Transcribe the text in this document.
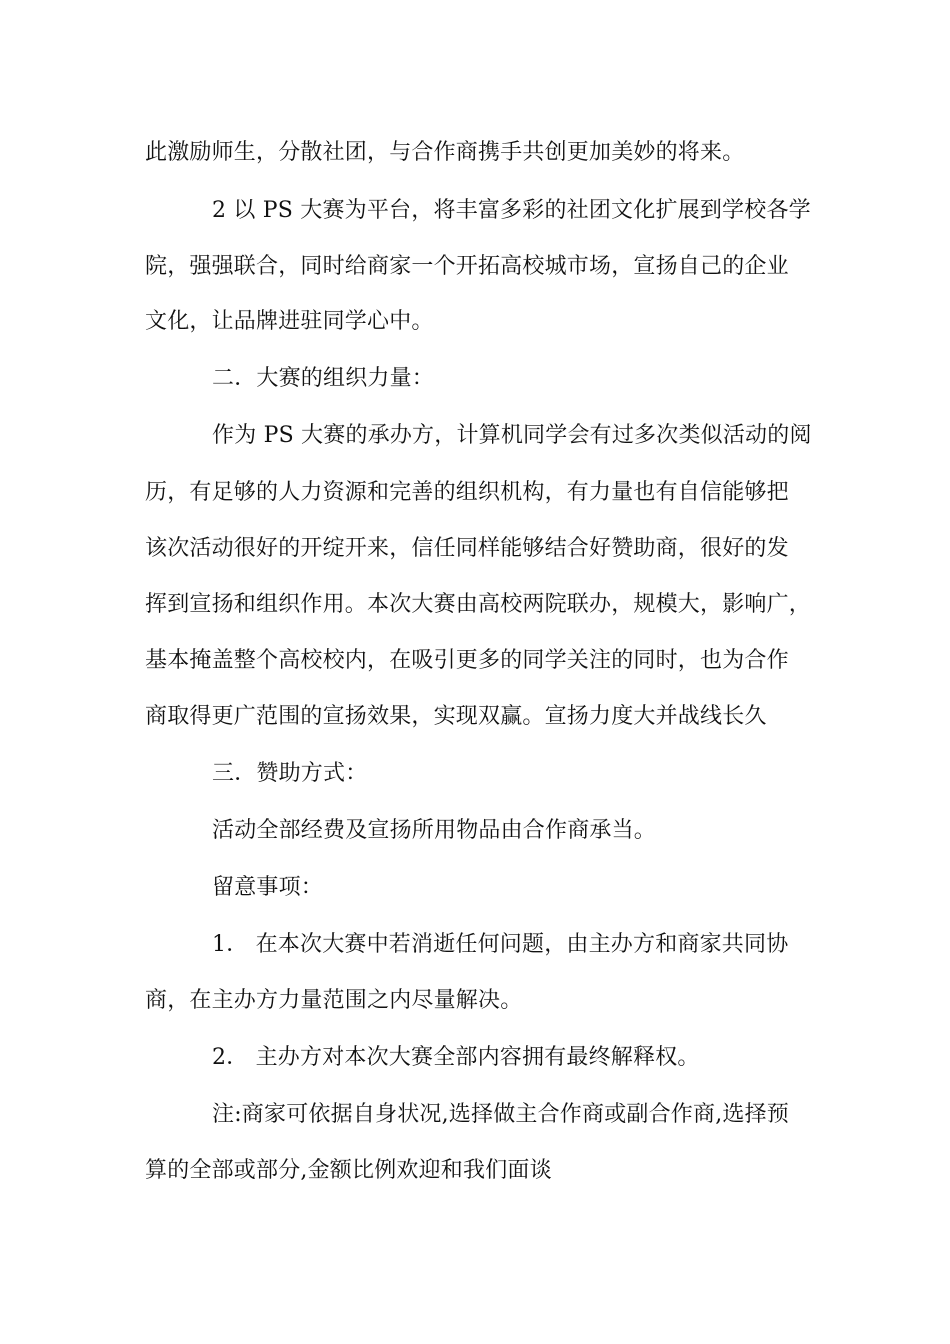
此激励师生，分散社团，与合作商携手共创更加美妙的将来。
2 以 PS 大赛为平台，将丰富多彩的社团文化扩展到学校各学
院，强强联合，同时给商家一个开拓高校城市场，宣扬自己的企业
文化，让品牌进驻同学心中。
二．大赛的组织力量：
作为 PS 大赛的承办方，计算机同学会有过多次类似活动的阅
历，有足够的人力资源和完善的组织机构，有力量也有自信能够把
该次活动很好的开绽开来，信任同样能够结合好赞助商，很好的发
挥到宣扬和组织作用。本次大赛由高校两院联办，规模大，影响广，
基本掩盖整个高校校内，在吸引更多的同学关注的同时，也为合作
商取得更广范围的宣扬效果，实现双赢。宣扬力度大并战线长久
三．赞助方式：
活动全部经费及宣扬所用物品由合作商承当。
留意事项：
1． 在本次大赛中若消逝任何问题，由主办方和商家共同协
商，在主办方力量范围之内尽量解决。
2． 主办方对本次大赛全部内容拥有最终解释权。
注:商家可依据自身状况,选择做主合作商或副合作商,选择预
算的全部或部分,金额比例欢迎和我们面谈
